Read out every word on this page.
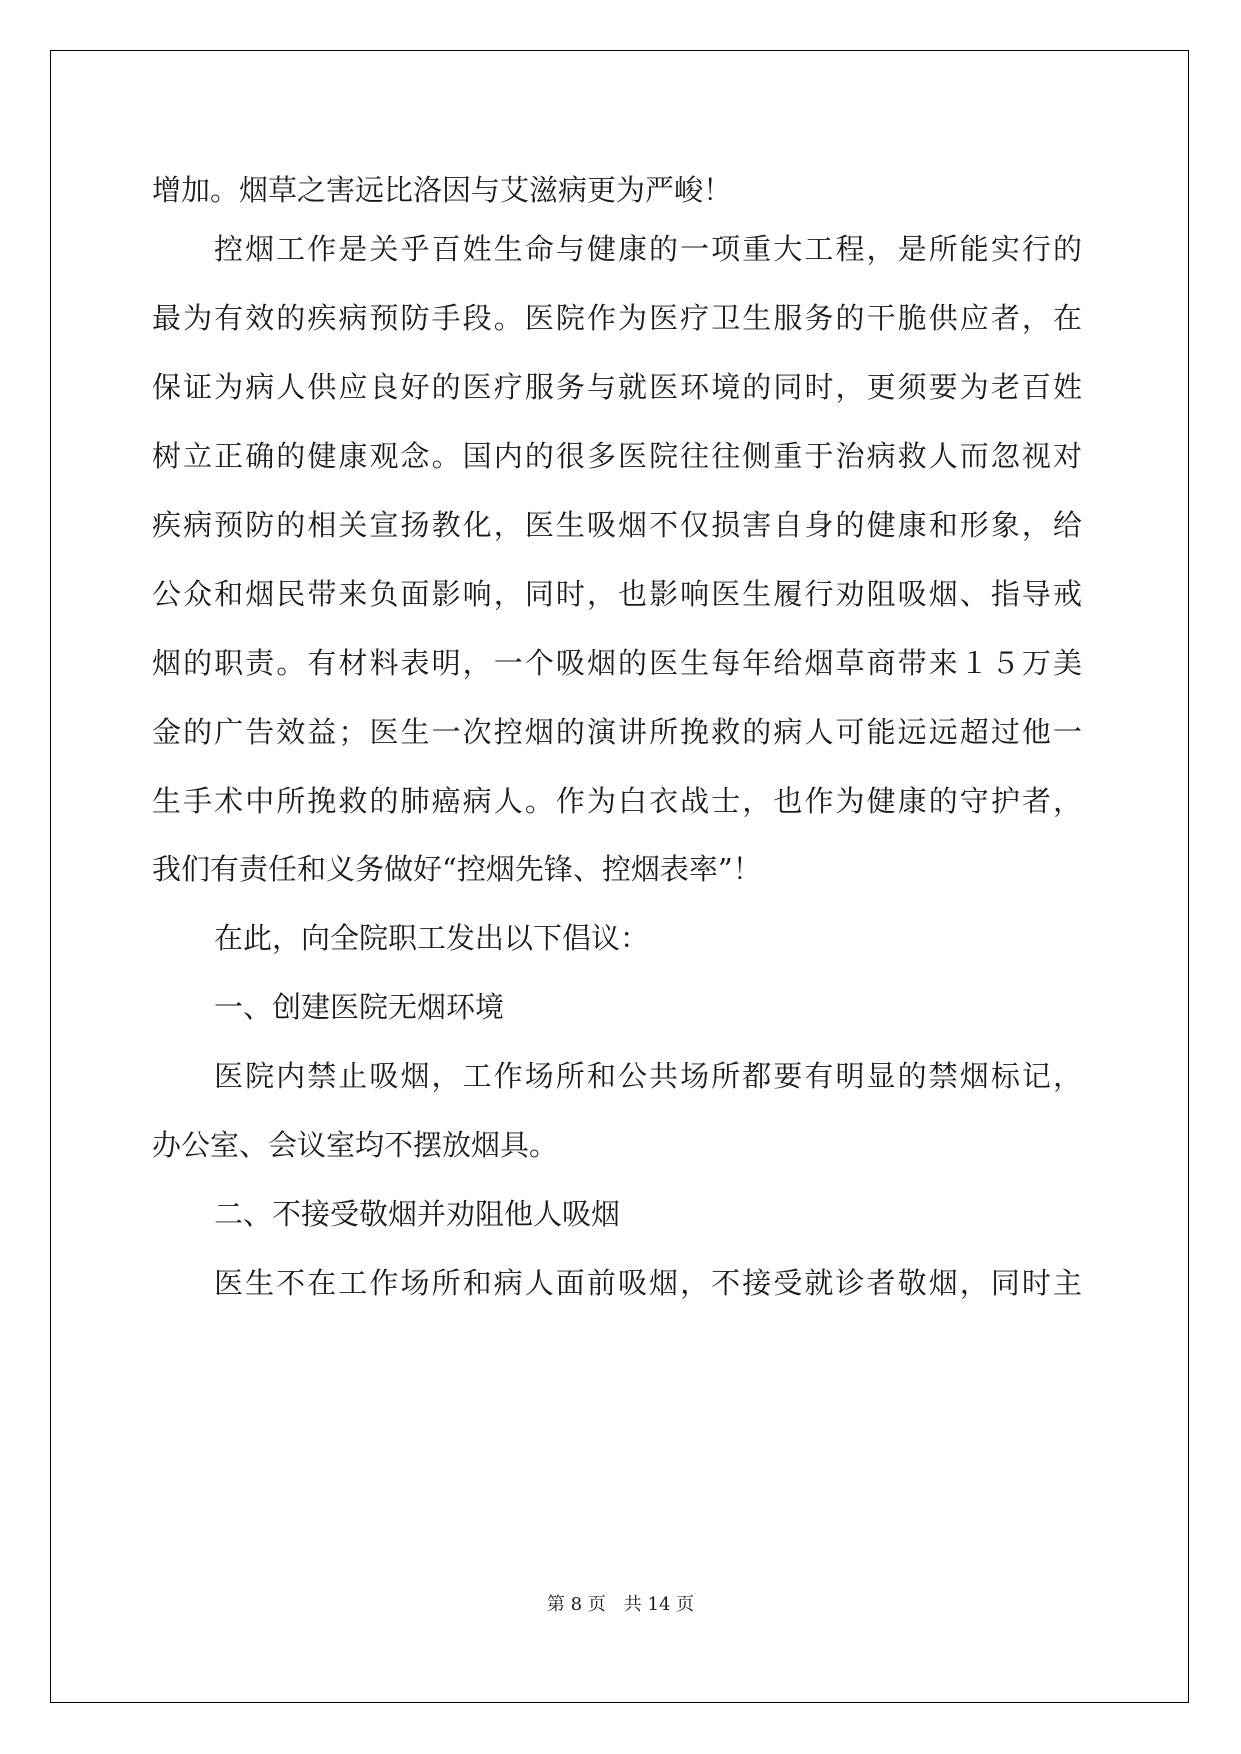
增加。烟草之害远比洛因与艾滋病更为严峻！
控烟工作是关乎百姓生命与健康的一项重大工程，是所能实行的
最为有效的疾病预防手段。医院作为医疗卫生服务的干脆供应者，在
保证为病人供应良好的医疗服务与就医环境的同时，更须要为老百姓
树立正确的健康观念。国内的很多医院往往侧重于治病救人而忽视对
疾病预防的相关宣扬教化，医生吸烟不仅损害自身的健康和形象，给
公众和烟民带来负面影响，同时，也影响医生履行劝阻吸烟、指导戒
烟的职责。有材料表明，一个吸烟的医生每年给烟草商带来１５万美
金的广告效益；医生一次控烟的演讲所挽救的病人可能远远超过他一
生手术中所挽救的肺癌病人。作为白衣战士，也作为健康的守护者，
我们有责任和义务做好“控烟先锋、控烟表率”！
在此，向全院职工发出以下倡议：
一、创建医院无烟环境
医院内禁止吸烟，工作场所和公共场所都要有明显的禁烟标记，
办公室、会议室均不摆放烟具。
二、不接受敬烟并劝阻他人吸烟
医生不在工作场所和病人面前吸烟，不接受就诊者敬烟，同时主
第 8 页　共 14 页
